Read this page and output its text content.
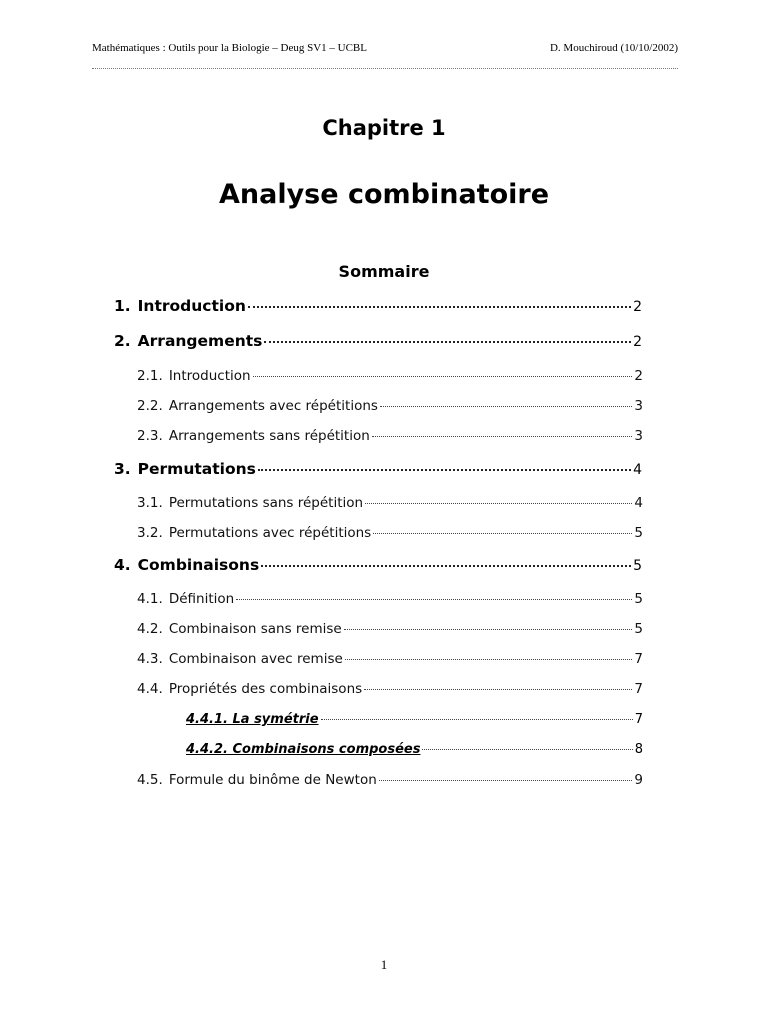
Mathématiques : Outils pour la Biologie – Deug SV1 – UCBL	D. Mouchiroud (10/10/2002)
Chapitre 1
Analyse combinatoire
Sommaire
1. Introduction	2
2. Arrangements	2
2.1. Introduction	2
2.2. Arrangements avec répétitions	3
2.3. Arrangements sans répétition	3
3. Permutations	4
3.1. Permutations sans répétition	4
3.2. Permutations avec répétitions	5
4. Combinaisons	5
4.1. Définition	5
4.2. Combinaison sans remise	5
4.3. Combinaison avec remise	7
4.4. Propriétés des combinaisons	7
4.4.1. La symétrie	7
4.4.2. Combinaisons composées	8
4.5. Formule du binôme de Newton	9
1
